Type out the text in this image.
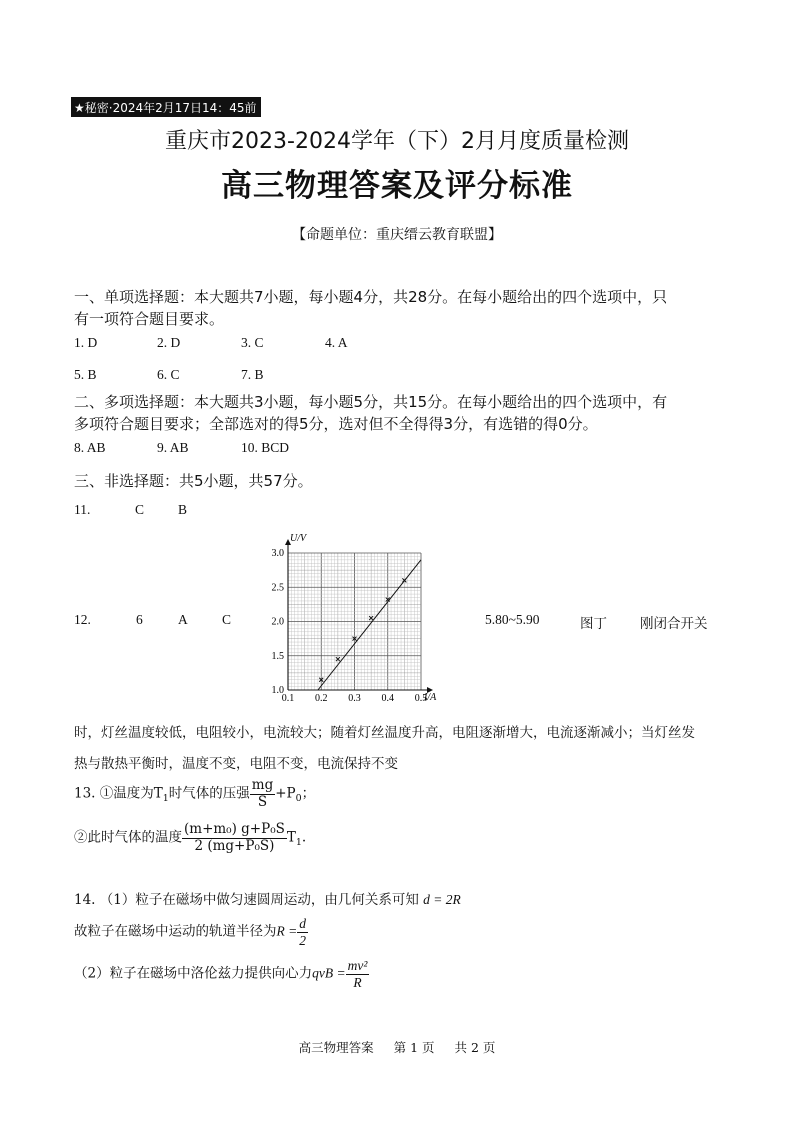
★秘密·2024年2月17日14：45前
重庆市2023-2024学年（下）2月月度质量检测
高三物理答案及评分标准
【命题单位：重庆缙云教育联盟】
一、单项选择题：本大题共7小题，每小题4分，共28分。在每小题给出的四个选项中，只
有一项符合题目要求。
1. D	2. D	3. C	4. A
5. B	6. C	7. B
二、多项选择题：本大题共3小题，每小题5分，共15分。在每小题给出的四个选项中，有
多项符合题目要求；全部选对的得5分，选对但不全得得3分，有选错的得0分。
8. AB	9. AB	10. BCD
三、非选择题：共5小题，共57分。
11.	C	B
12.	6	A	C	5.80~5.90	图丁 刚闭合开关
U/V
I/A
0.1 0.2 0.3 0.4 0.5
1.0
1.5
2.0
2.5
3.0
时，灯丝温度较低，电阻较小，电流较大；随着灯丝温度升高，电阻逐渐增大，电流逐渐减小；当灯丝发
热与散热平衡时，温度不变，电阻不变，电流保持不变
13. ①温度为$T_1$时气体的压强 $\frac{mg}{S} +P_0$；
②此时气体的温度 $\frac{\text{(m+m₀) g+P₀S}}{\text{2 (mg+P₀S)}} T_1$.
14. （1）粒子在磁场中做匀速圆周运动，由几何关系可知 d = 2R
故粒子在磁场中运动的轨道半径为$R = \frac{d}{2}$
（2）粒子在磁场中洛伦兹力提供向心力qvB = $\frac{\text{mv²}}{R}$
高三物理答案 第 1 页 共 2 页
